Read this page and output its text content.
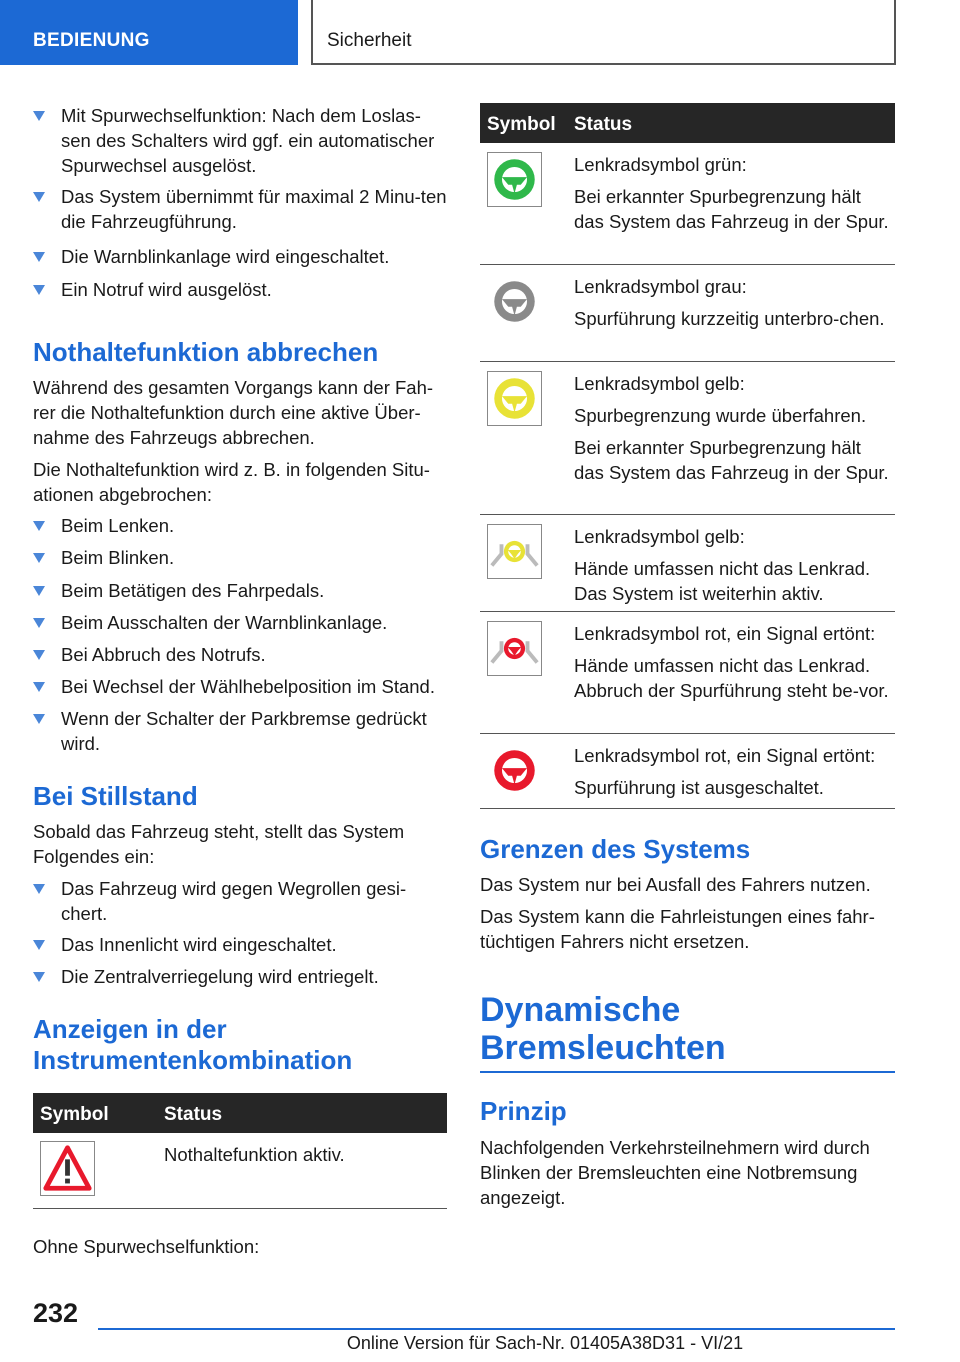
BEDIENUNG	Sicherheit
Mit Spurwechselfunktion: Nach dem Loslas-sen des Schalters wird ggf. ein automatischer Spurwechsel ausgelöst.
Das System übernimmt für maximal 2 Minu-ten die Fahrzeugführung.
Die Warnblinkanlage wird eingeschaltet.
Ein Notruf wird ausgelöst.
Nothaltefunktion abbrechen
Während des gesamten Vorgangs kann der Fah-rer die Nothaltefunktion durch eine aktive Über-nahme des Fahrzeugs abbrechen.
Die Nothaltefunktion wird z. B. in folgenden Situ-ationen abgebrochen:
Beim Lenken.
Beim Blinken.
Beim Betätigen des Fahrpedals.
Beim Ausschalten der Warnblinkanlage.
Bei Abbruch des Notrufs.
Bei Wechsel der Wählhebelposition im Stand.
Wenn der Schalter der Parkbremse gedrückt wird.
Bei Stillstand
Sobald das Fahrzeug steht, stellt das System Folgendes ein:
Das Fahrzeug wird gegen Wegrollen gesi-chert.
Das Innenlicht wird eingeschaltet.
Die Zentralverriegelung wird entriegelt.
Anzeigen in der Instrumentenkombination
Symbol	Status
Nothaltefunktion aktiv.
Ohne Spurwechselfunktion:
Symbol Status
Lenkradsymbol grün:
Bei erkannter Spurbegrenzung hält das System das Fahrzeug in der Spur.
Lenkradsymbol grau:
Spurführung kurzzeitig unterbro-chen.
Lenkradsymbol gelb:
Spurbegrenzung wurde überfahren.
Bei erkannter Spurbegrenzung hält das System das Fahrzeug in der Spur.
Lenkradsymbol gelb:
Hände umfassen nicht das Lenkrad. Das System ist weiterhin aktiv.
Lenkradsymbol rot, ein Signal ertönt:
Hände umfassen nicht das Lenkrad. Abbruch der Spurführung steht be-vor.
Lenkradsymbol rot, ein Signal ertönt:
Spurführung ist ausgeschaltet.
Grenzen des Systems
Das System nur bei Ausfall des Fahrers nutzen.
Das System kann die Fahrleistungen eines fahr-tüchtigen Fahrers nicht ersetzen.
Dynamische Bremsleuchten
Prinzip
Nachfolgenden Verkehrsteilnehmern wird durch Blinken der Bremsleuchten eine Notbremsung angezeigt.
232
Online Version für Sach-Nr. 01405A38D31 - VI/21
